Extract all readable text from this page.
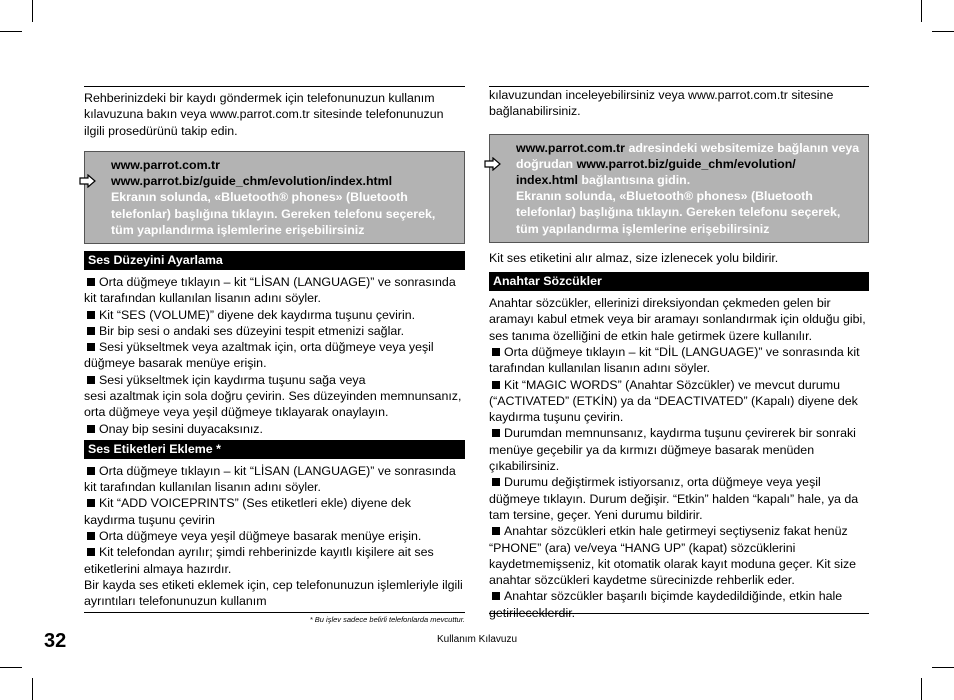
Rehberinizdeki bir kaydı göndermek için telefonunuzun kullanım kılavuzuna bakın veya www.parrot.com.tr sitesinde telefonunuzun ilgili prosedürünü takip edin.

www.parrot.com.tr
www.parrot.biz/guide_chm/evolution/index.html
Ekranın solunda, «Bluetooth® phones» (Bluetooth telefonlar) başlığına tıklayın. Gereken telefonu seçerek, tüm yapılandırma işlemlerine erişebilirsiniz
Ses Düzeyini Ayarlama

Orta düğmeye tıklayın – kit “LİSAN (LANGUAGE)” ve sonrasında kit tarafından kullanılan lisanın adını söyler.

Kit “SES (VOLUME)” diyene dek kaydırma tuşunu çevirin.

Bir bip sesi o andaki ses düzeyini tespit etmenizi sağlar.

Sesi yükseltmek veya azaltmak için, orta düğmeye veya yeşil düğmeye basarak menüye erişin.

Sesi yükseltmek için kaydırma tuşunu sağa veya

sesi azaltmak için sola doğru çevirin. Ses düzeyinden memnunsanız, orta düğmeye veya yeşil düğmeye tıklayarak onaylayın.

Onay bip sesini duyacaksınız.

Ses Etiketleri Ekleme *

Orta düğmeye tıklayın – kit “LİSAN (LANGUAGE)” ve sonrasında kit tarafından kullanılan lisanın adını söyler.

Kit “ADD VOICEPRINTS” (Ses etiketleri ekle) diyene dek kaydırma tuşunu çevirin

Orta düğmeye veya yeşil düğmeye basarak menüye erişin.

Kit telefondan ayrılır; şimdi rehberinizde kayıtlı kişilere ait ses etiketlerini almaya hazırdır.

Bir kayda ses etiketi eklemek için, cep telefonunuzun işlemleriyle ilgili ayrıntıları telefonunuzun kullanım

* Bu işlev sadece belirli telefonlarda mevcuttur.

kılavuzundan inceleyebilirsiniz veya www.parrot.com.tr sitesine bağlanabilirsiniz.

www.parrot.com.tr adresindeki websitemize bağlanın veya doğrudan www.parrot.biz/guide_chm/evolution/ index.html bağlantısına gidin.
Ekranın solunda, «Bluetooth® phones» (Bluetooth telefonlar) başlığına tıklayın. Gereken telefonu seçerek, tüm yapılandırma işlemlerine erişebilirsiniz

Kit ses etiketini alır almaz, size izlenecek yolu bildirir.

Anahtar Sözcükler

Anahtar sözcükler, ellerinizi direksiyondan çekmeden gelen bir aramayı kabul etmek veya bir aramayı sonlandırmak için olduğu gibi, ses tanıma özelliğini de etkin hale getirmek üzere kullanılır.

Orta düğmeye tıklayın – kit “DİL (LANGUAGE)” ve sonrasında kit tarafından kullanılan lisanın adını söyler.

Kit “MAGIC WORDS” (Anahtar Sözcükler) ve mevcut durumu (“ACTIVATED” (ETKİN) ya da “DEACTIVATED” (Kapalı) diyene dek kaydırma tuşunu çevirin.

Durumdan memnunsanız, kaydırma tuşunu çevirerek bir sonraki menüye geçebilir ya da kırmızı düğmeye basarak menüden çıkabilirsiniz.

Durumu değiştirmek istiyorsanız, orta düğmeye veya yeşil düğmeye tıklayın. Durum değişir. “Etkin” halden “kapalı” hale, ya da tam tersine, geçer. Yeni durumu bildirir.

Anahtar sözcükleri etkin hale getirmeyi seçtiyseniz fakat henüz “PHONE” (ara) ve/veya “HANG UP” (kapat) sözcüklerini kaydetmemişseniz, kit otomatik olarak kayıt moduna geçer. Kit size anahtar sözcükleri kaydetme sürecinizde rehberlik eder.

Anahtar sözcükler başarılı biçimde kaydedildiğinde, etkin hale getirileceklerdir.

32	Kullanım Kılavuzu
